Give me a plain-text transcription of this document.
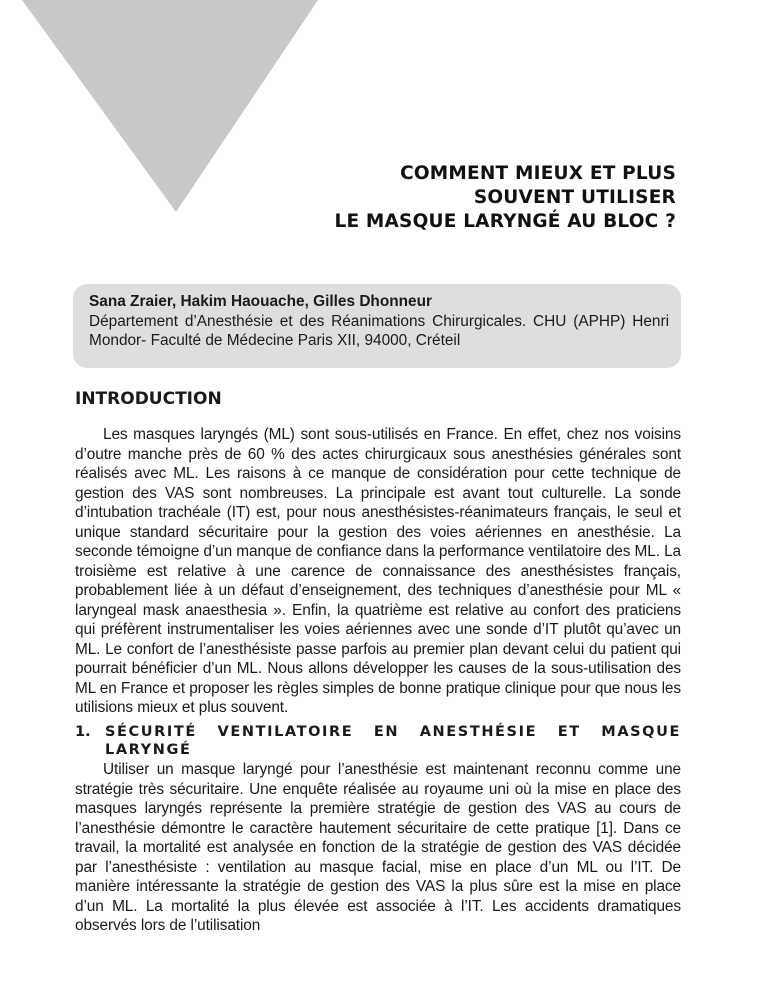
COMMENT MIEUX ET PLUS
SOUVENT UTILISER
LE MASQUE LARYNGÉ AU BLOC ?
Sana Zraier, Hakim Haouache, Gilles Dhonneur
Département d’Anesthésie et des Réanimations Chirurgicales. CHU (APHP) Henri Mondor- Faculté de Médecine Paris XII, 94000, Créteil
INTRODUCTION
Les masques laryngés (ML) sont sous-utilisés en France. En effet, chez nos voisins d’outre manche près de 60 % des actes chirurgicaux sous anesthésies générales sont réalisés avec ML. Les raisons à ce manque de considération pour cette technique de gestion des VAS sont nombreuses. La principale est avant tout culturelle. La sonde d’intubation trachéale (IT) est, pour nous anesthésistes-réanimateurs français, le seul et unique standard sécuritaire pour la gestion des voies aériennes en anesthésie. La seconde témoigne d’un manque de confiance dans la performance ventilatoire des ML. La troisième est relative à une carence de connaissance des anesthésistes français, probablement liée à un défaut d’enseignement, des techniques d’anesthésie pour ML « laryngeal mask anaesthesia ». Enfin, la quatrième est relative au confort des praticiens qui préfèrent instrumentaliser les voies aériennes avec une sonde d’IT plutôt qu’avec un ML. Le confort de l’anesthésiste passe parfois au premier plan devant celui du patient qui pourrait bénéficier d’un ML. Nous allons développer les causes de la sous-utilisation des ML en France et proposer les règles simples de bonne pratique clinique pour que nous les utilisions mieux et plus souvent.
1. SÉCURITÉ VENTILATOIRE EN ANESTHÉSIE ET MASQUE LARYNGÉ
Utiliser un masque laryngé pour l’anesthésie est maintenant reconnu comme une stratégie très sécuritaire. Une enquête réalisée au royaume uni où la mise en place des masques laryngés représente la première stratégie de gestion des VAS au cours de l’anesthésie démontre le caractère hautement sécuritaire de cette pratique [1]. Dans ce travail, la mortalité est analysée en fonction de la stratégie de gestion des VAS décidée par l’anesthésiste : ventilation au masque facial, mise en place d’un ML ou l’IT. De manière intéressante la stratégie de gestion des VAS la plus sûre est la mise en place d’un ML. La mortalité la plus élevée est associée à l’IT. Les accidents dramatiques observés lors de l’utilisation
